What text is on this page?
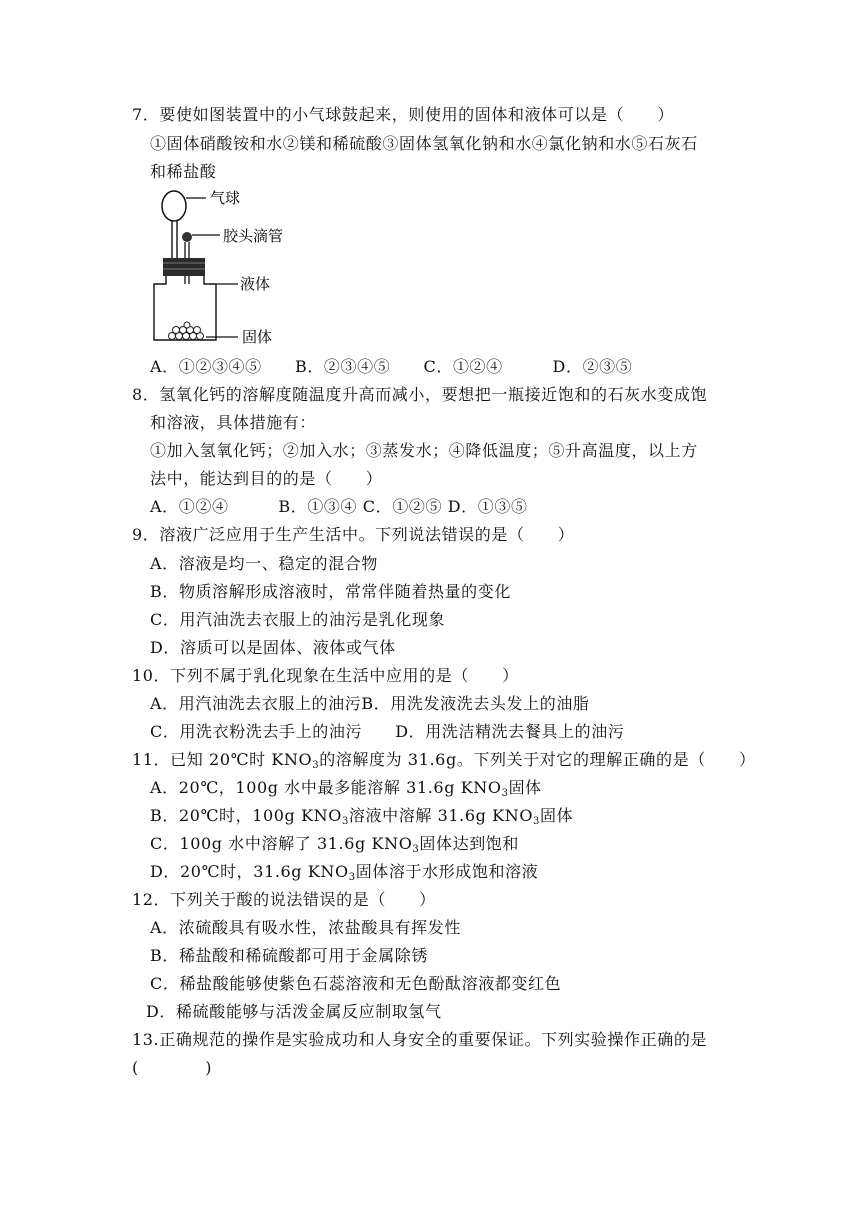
7．要使如图装置中的小气球鼓起来，则使用的固体和液体可以是（　　）
①固体硝酸铵和水②镁和稀硫酸③固体氢氧化钠和水④氯化钠和水⑤石灰石
和稀盐酸
气球
胶头滴管
液体
固体
A．①②③④⑤　　B．②③④⑤　　C．①②④　　　D．②③⑤
8．氢氧化钙的溶解度随温度升高而减小，要想把一瓶接近饱和的石灰水变成饱
和溶液，具体措施有：
①加入氢氧化钙；②加入水；③蒸发水；④降低温度；⑤升高温度，以上方
法中，能达到目的的是（　　）
A．①②④　　　B．①③④ C．①②⑤ D．①③⑤
9．溶液广泛应用于生产生活中。下列说法错误的是（　　）
A．溶液是均一、稳定的混合物
B．物质溶解形成溶液时，常常伴随着热量的变化
C．用汽油洗去衣服上的油污是乳化现象
D．溶质可以是固体、液体或气体
10．下列不属于乳化现象在生活中应用的是（　　）
A．用汽油洗去衣服上的油污B．用洗发液洗去头发上的油脂
C．用洗衣粉洗去手上的油污　　D．用洗洁精洗去餐具上的油污
11．已知 20℃时 $KNO_3$的溶解度为 31.6g。下列关于对它的理解正确的是（　　）
A．20℃，100g 水中最多能溶解 31.6g $KNO_3$固体
B．20℃时，100g $KNO_3$溶液中溶解 31.6g $KNO_3$固体
C．100g 水中溶解了 31.6g $KNO_3$固体达到饱和
D．20℃时，31.6g $KNO_3$固体溶于水形成饱和溶液
12．下列关于酸的说法错误的是（　　）
A．浓硫酸具有吸水性，浓盐酸具有挥发性
B．稀盐酸和稀硫酸都可用于金属除锈
C．稀盐酸能够使紫色石蕊溶液和无色酚酞溶液都变红色
D．稀硫酸能够与活泼金属反应制取氢气
13.正确规范的操作是实验成功和人身安全的重要保证。下列实验操作正确的是
(　　　　)
